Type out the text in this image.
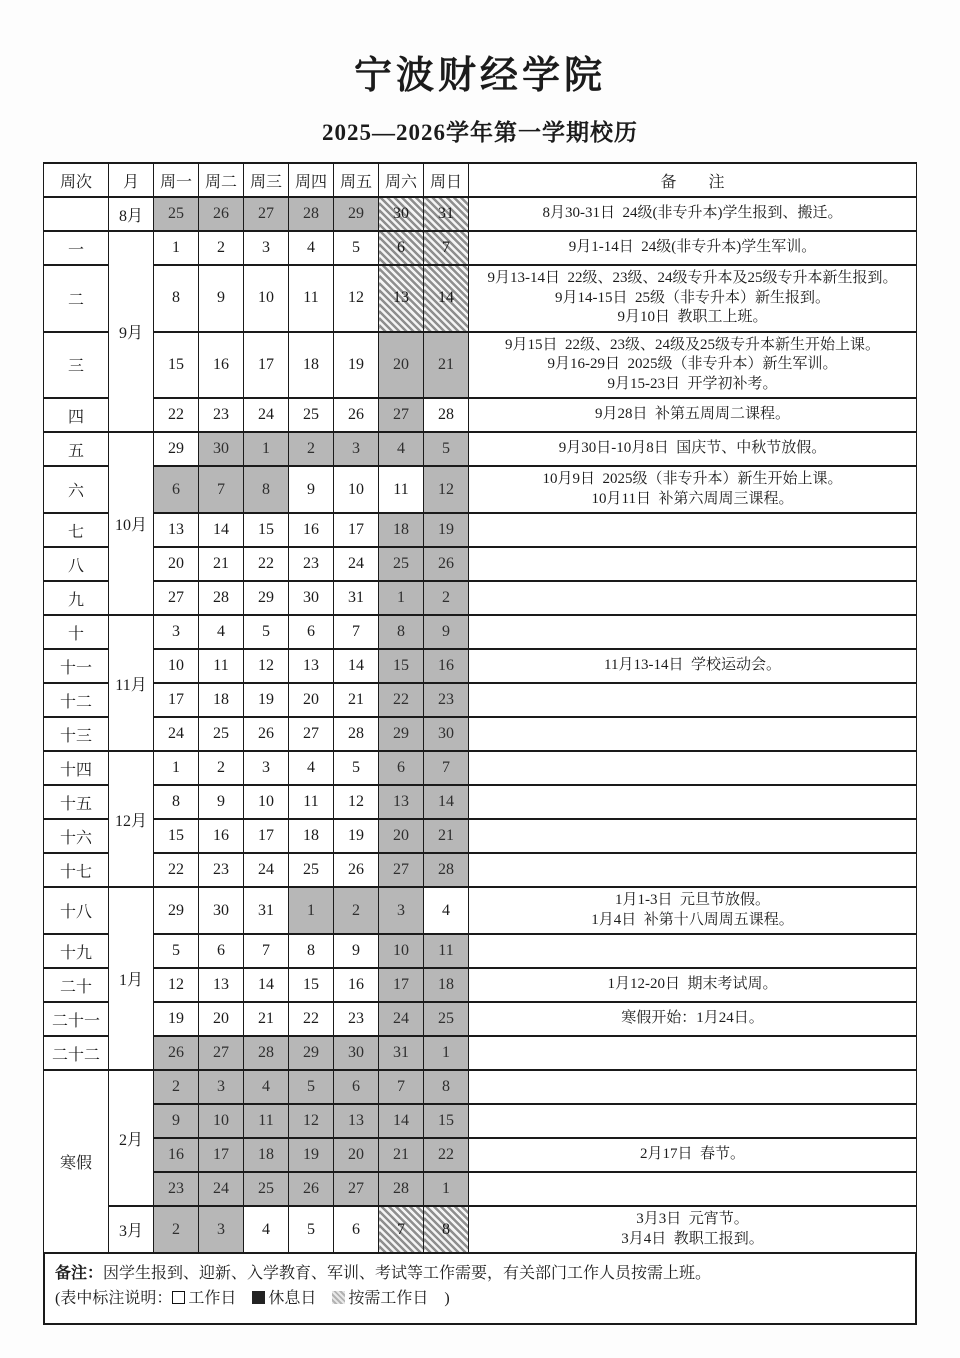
宁波财经学院
2025—2026学年第一学期校历
周次	月	周一	周二	周三	周四	周五	周六	周日	备　　注
	8月	25	26	27	28	29	30	31	8月30-31日  24级(非专升本)学生报到、搬迁。

一	9月	1	2	3	4	5	6	7	9月1-14日  24级(非专升本)学生军训。

二		8	9	10	11	12	13	14	9月13-14日  22级、23级、24级专升本及25级专升本新生报到。
9月14-15日  25级（非专升本）新生报到。
9月10日  教职工上班。

三		15	16	17	18	19	20	21	9月15日  22级、23级、24级及25级专升本新生开始上课。
9月16-29日  2025级（非专升本）新生军训。
9月15-23日  开学初补考。

四		22	23	24	25	26	27	28	9月28日  补第五周周二课程。

五	10月	29	30	1	2	3	4	5	9月30日-10月8日  国庆节、中秋节放假。

六		6	7	8	9	10	11	12	10月9日  2025级（非专升本）新生开始上课。
10月11日  补第六周周三课程。

七		13	14	15	16	17	18	19	
八		20	21	22	23	24	25	26	
九		27	28	29	30	31	1	2	
十	11月	3	4	5	6	7	8	9	
十一		10	11	12	13	14	15	16	11月13-14日  学校运动会。

十二		17	18	19	20	21	22	23	
十三		24	25	26	27	28	29	30	
十四	12月	1	2	3	4	5	6	7	
十五		8	9	10	11	12	13	14	
十六		15	16	17	18	19	20	21	
十七		22	23	24	25	26	27	28	
十八	1月	29	30	31	1	2	3	4	1月1-3日  元旦节放假。
1月4日  补第十八周周五课程。

十九		5	6	7	8	9	10	11	
二十		12	13	14	15	16	17	18	1月12-20日  期末考试周。

二十一		19	20	21	22	23	24	25	寒假开始：1月24日。

二十二		26	27	28	29	30	31	1	
寒假	2月	2	3	4	5	6	7	8	
		9	10	11	12	13	14	15	
		16	17	18	19	20	21	22	2月17日  春节。

		23	24	25	26	27	28	1	
	3月	2	3	4	5	6	7	8	3月3日  元宵节。
3月4日  教职工报到。
备注：因学生报到、迎新、入学教育、军训、考试等工作需要，有关部门工作人员按需上班。
(表中标注说明： 工作日 休息日 按需工作日 )
